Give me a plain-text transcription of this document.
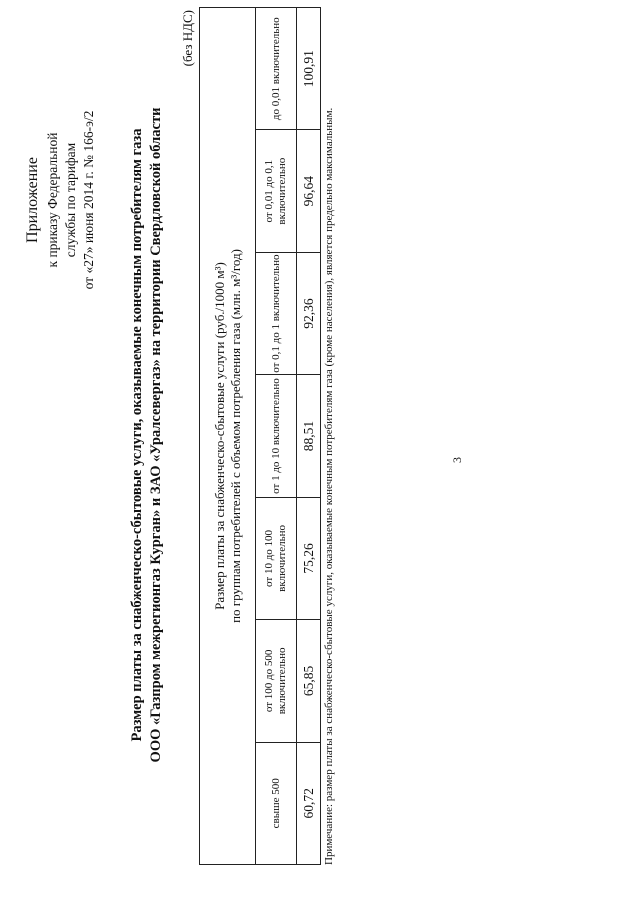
Приложение к приказу Федеральной службы по тарифам от «27» июня 2014 г. № 166-э/2 Размер платы за снабженческо-сбытовые услуги, оказываемые конечным потребителям газа ООО «Газпром межрегионгаз Курган» и ЗАО «Уралсевергаз» на территории Свердловской области
(без НДС)
Размер платы за снабженческо-сбытовые услуги (руб./1000 м³) по группам потребителей с объемом потребления газа (млн. м³/год)						

свыше 500	от 100 до 500 включительно	от 10 до 100 включительно	от 1 до 10 включительно	от 0,1 до 1 включительно	от 0,01 до 0,1 включительно	до 0,01 включительно
60,72	65,85	75,26	88,51	92,36	96,64	100,91
Примечание: размер платы за снабженческо-сбытовые услуги, оказываемые конечным потребителям газа (кроме населения), является предельно максимальным.	3
